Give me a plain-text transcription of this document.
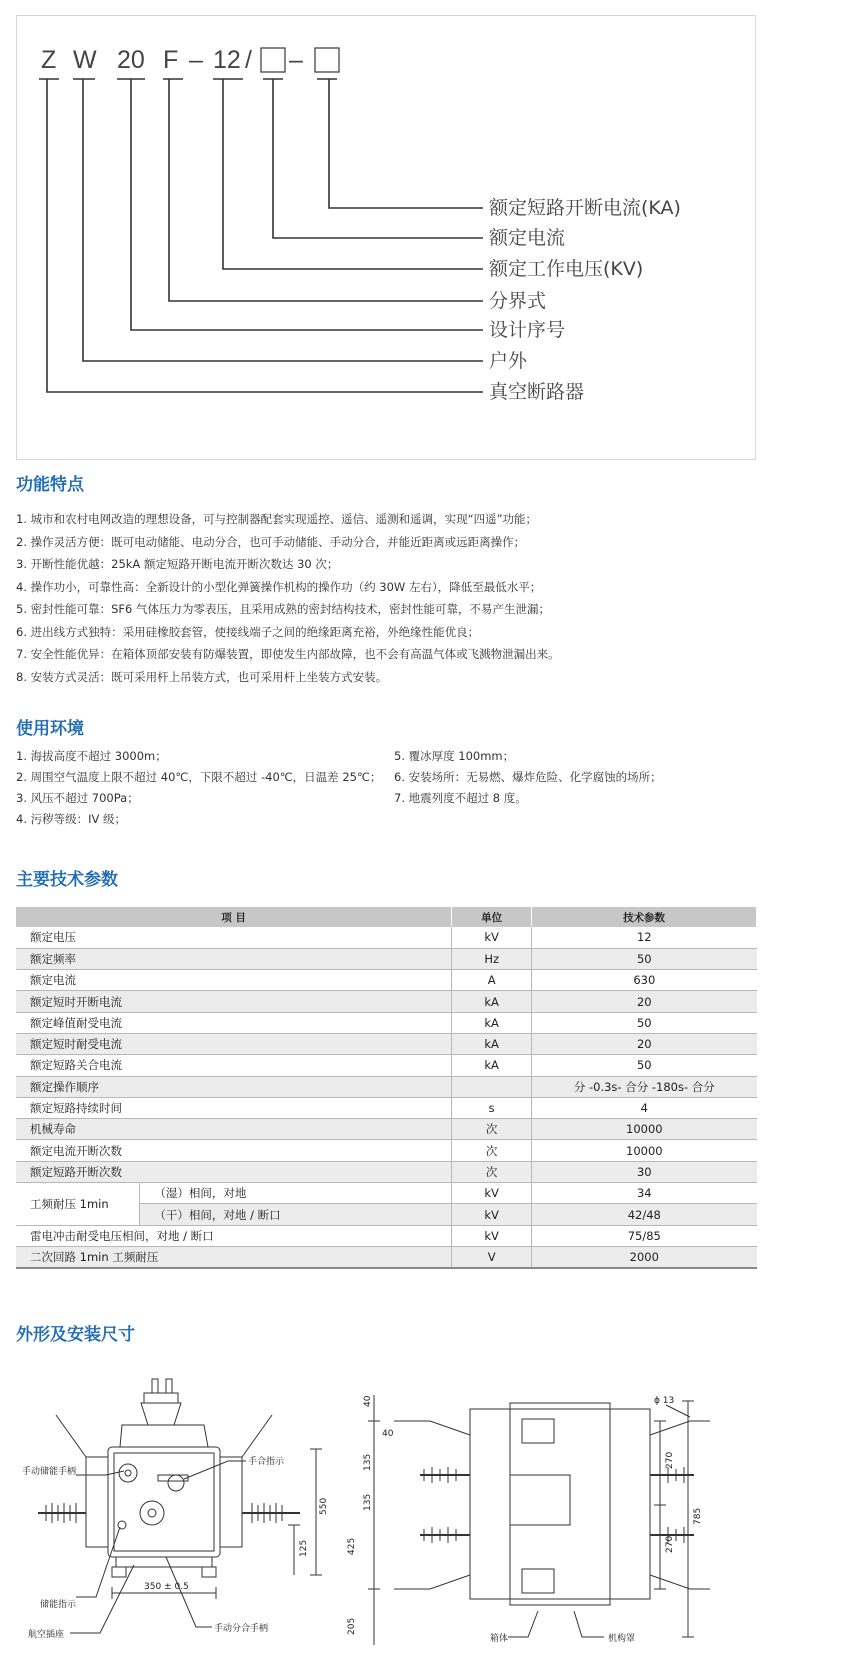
Z W 20 F – 12 / –
额定短路开断电流(KA)
额定电流
额定工作电压(KV)
分界式
设计序号
户外
真空断路器
功能特点
1. 城市和农村电网改造的理想设备，可与控制器配套实现遥控、遥信、遥测和遥调，实现“四遥”功能；
2. 操作灵活方便：既可电动储能、电动分合，也可手动储能、手动分合，并能近距离或远距离操作；
3. 开断性能优越：25kA 额定短路开断电流开断次数达 30 次；
4. 操作功小，可靠性高：全新设计的小型化弹簧操作机构的操作功（约 30W 左右），降低至最低水平；
5. 密封性能可靠：SF6 气体压力为零表压，且采用成熟的密封结构技术，密封性能可靠，不易产生泄漏；
6. 进出线方式独特：采用硅橡胶套管，使接线端子之间的绝缘距离充裕，外绝缘性能优良；
7. 安全性能优异：在箱体顶部安装有防爆装置，即使发生内部故障，也不会有高温气体或飞溅物泄漏出来。
8. 安装方式灵活：既可采用杆上吊装方式，也可采用杆上坐装方式安装。
使用环境
1. 海拔高度不超过 3000m；
2. 周围空气温度上限不超过 40℃，下限不超过 -40℃，日温差 25℃；
3. 风压不超过 700Pa；
4. 污秽等级：IV 级；
5. 覆冰厚度 100mm；
6. 安装场所：无易燃、爆炸危险、化学腐蚀的场所；
7. 地震列度不超过 8 度。
主要技术参数
项 目		单位	技术参数
额定电压		kV	12
额定频率		Hz	50
额定电流		A	630
额定短时开断电流		kA	20
额定峰值耐受电流		kA	50
额定短时耐受电流		kA	20
额定短路关合电流		kA	50
额定操作顺序			分 -0.3s- 合分 -180s- 合分
额定短路持续时间		s	4
机械寿命		次	10000
额定电流开断次数		次	10000
额定短路开断次数		次	30
工频耐压 1min	（湿）相间，对地	kV	34
	（干）相间，对地 / 断口	kV	42/48
雷电冲击耐受电压相间，对地 / 断口		kV	75/85
二次回路 1min 工频耐压		V	2000
外形及安装尺寸
手动储能手柄
手合指示
储能指示
航空插座
手动分合手柄
550
125
350 ± 0.5
ϕ 13
40
40
135
135
425
205
270
270
785
箱体	机构罩
